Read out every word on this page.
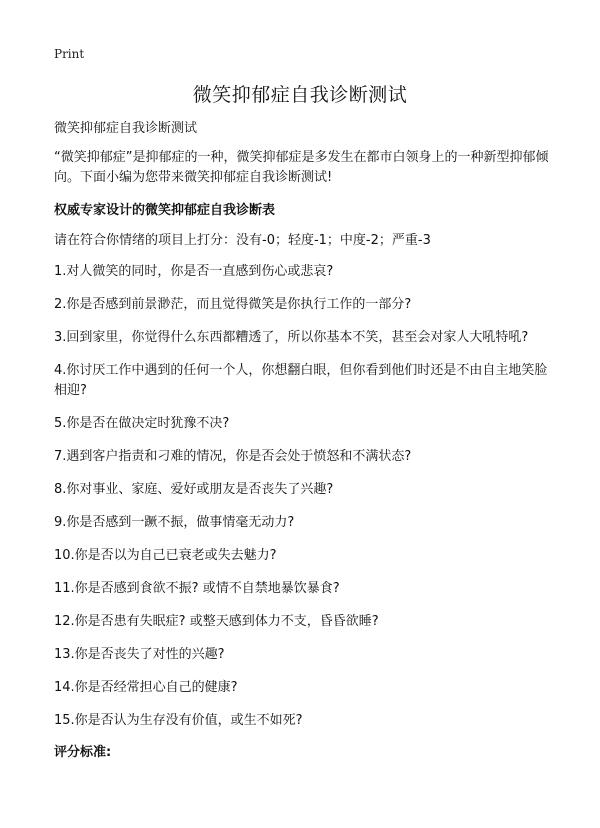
Print
微笑抑郁症自我诊断测试

微笑抑郁症自我诊断测试

“微笑抑郁症”是抑郁症的一种，微笑抑郁症是多发生在都市白领身上的一种新型抑郁倾向。下面小编为您带来微笑抑郁症自我诊断测试!

权威专家设计的微笑抑郁症自我诊断表

请在符合你情绪的项目上打分：没有-0；轻度-1；中度-2；严重-3

1.对人微笑的同时，你是否一直感到伤心或悲哀?
2.你是否感到前景渺茫，而且觉得微笑是你执行工作的一部分?
3.回到家里，你觉得什么东西都糟透了，所以你基本不笑，甚至会对家人大吼特吼?
4.你讨厌工作中遇到的任何一个人，你想翻白眼，但你看到他们时还是不由自主地笑脸相迎?
5.你是否在做决定时犹豫不决?
7.遇到客户指责和刁难的情况，你是否会处于愤怒和不满状态?
8.你对事业、家庭、爱好或朋友是否丧失了兴趣?
9.你是否感到一蹶不振，做事情毫无动力?
10.你是否以为自己已衰老或失去魅力?
11.你是否感到食欲不振? 或情不自禁地暴饮暴食?
12.你是否患有失眠症? 或整天感到体力不支，昏昏欲睡?
13.你是否丧失了对性的兴趣?
14.你是否经常担心自己的健康?
15.你是否认为生存没有价值，或生不如死?

评分标准:
